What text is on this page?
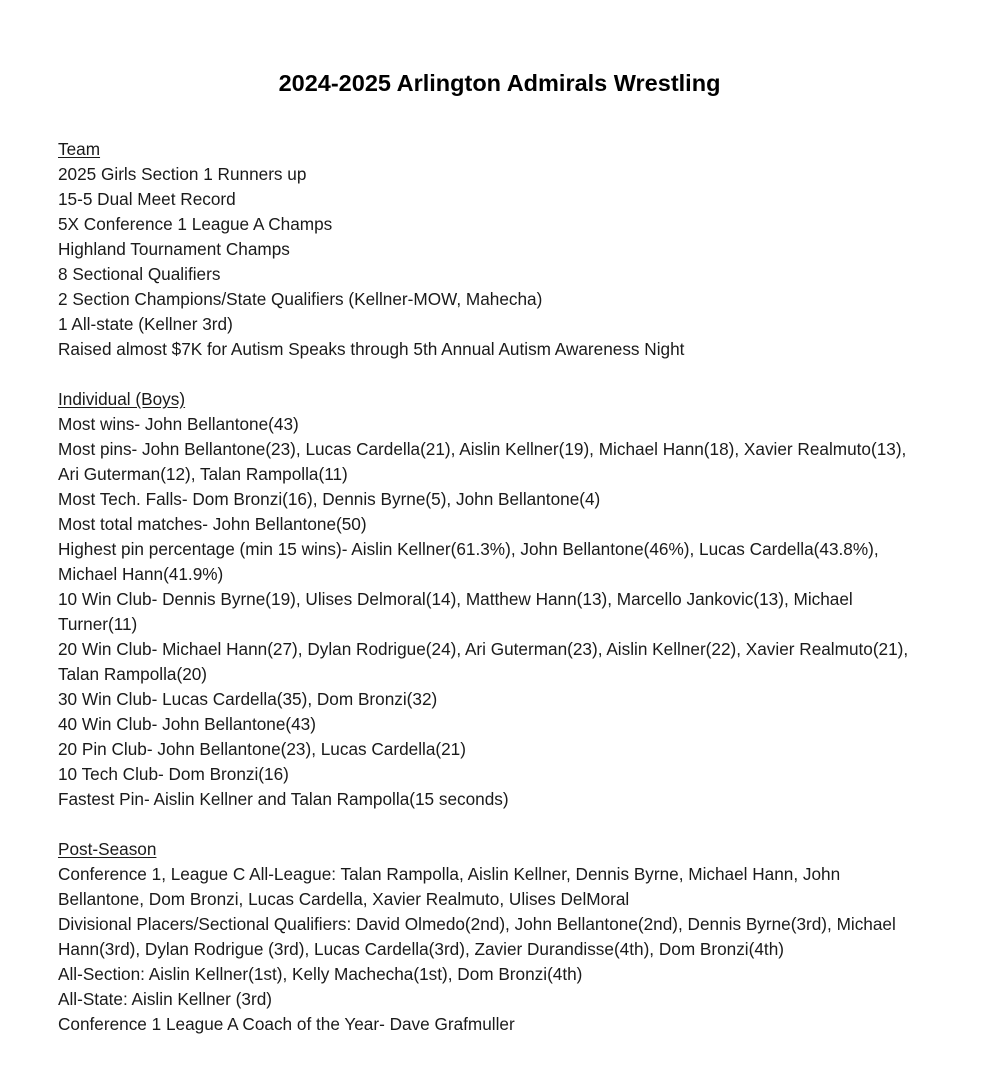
2024-2025 Arlington Admirals Wrestling
Team
2025 Girls Section 1 Runners up
15-5 Dual Meet Record
5X Conference 1 League A Champs
Highland Tournament Champs
8 Sectional Qualifiers
2 Section Champions/State Qualifiers (Kellner-MOW, Mahecha)
1 All-state (Kellner 3rd)
Raised almost $7K for Autism Speaks through 5th Annual Autism Awareness Night
Individual (Boys)
Most wins- John Bellantone(43)
Most pins- John Bellantone(23), Lucas Cardella(21), Aislin Kellner(19), Michael Hann(18), Xavier Realmuto(13), Ari Guterman(12), Talan Rampolla(11)
Most Tech. Falls- Dom Bronzi(16), Dennis Byrne(5), John Bellantone(4)
Most total matches- John Bellantone(50)
Highest pin percentage (min 15 wins)- Aislin Kellner(61.3%), John Bellantone(46%), Lucas Cardella(43.8%), Michael Hann(41.9%)
10 Win Club- Dennis Byrne(19), Ulises Delmoral(14), Matthew Hann(13), Marcello Jankovic(13), Michael Turner(11)
20 Win Club- Michael Hann(27), Dylan Rodrigue(24), Ari Guterman(23), Aislin Kellner(22), Xavier Realmuto(21), Talan Rampolla(20)
30 Win Club- Lucas Cardella(35), Dom Bronzi(32)
40 Win Club- John Bellantone(43)
20 Pin Club- John Bellantone(23), Lucas Cardella(21)
10 Tech Club- Dom Bronzi(16)
Fastest Pin- Aislin Kellner and Talan Rampolla(15 seconds)
Post-Season
Conference 1, League C All-League: Talan Rampolla, Aislin Kellner, Dennis Byrne, Michael Hann, John Bellantone, Dom Bronzi, Lucas Cardella, Xavier Realmuto, Ulises DelMoral
Divisional Placers/Sectional Qualifiers: David Olmedo(2nd), John Bellantone(2nd), Dennis Byrne(3rd), Michael Hann(3rd), Dylan Rodrigue (3rd), Lucas Cardella(3rd), Zavier Durandisse(4th), Dom Bronzi(4th)
All-Section: Aislin Kellner(1st), Kelly Machecha(1st), Dom Bronzi(4th)
All-State: Aislin Kellner (3rd)
Conference 1 League A Coach of the Year- Dave Grafmuller
